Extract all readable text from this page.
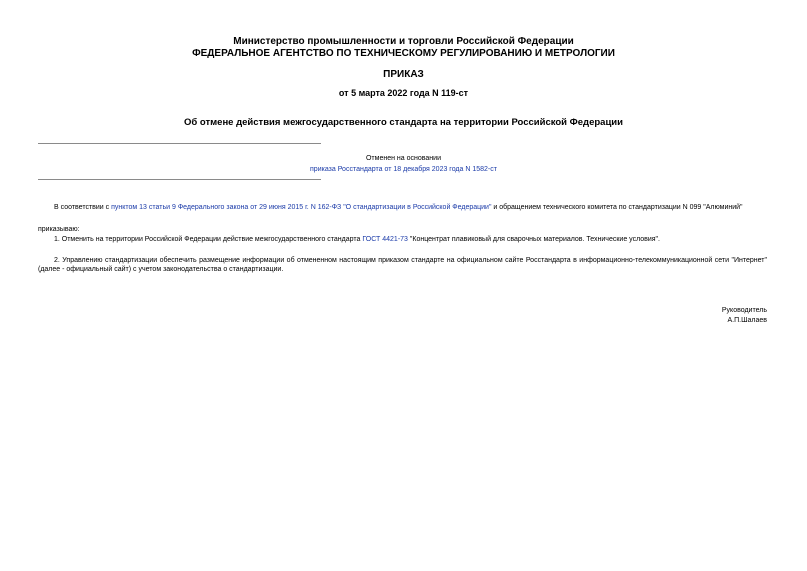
Министерство промышленности и торговли Российской Федерации
ФЕДЕРАЛЬНОЕ АГЕНТСТВО ПО ТЕХНИЧЕСКОМУ РЕГУЛИРОВАНИЮ И МЕТРОЛОГИИ
ПРИКАЗ
от 5 марта 2022 года N 119-ст
Об отмене действия межгосударственного стандарта на территории Российской Федерации
Отменен на основании
приказа Росстандарта от 18 декабря 2023 года N 1582-ст
В соответствии с пунктом 13 статьи 9 Федерального закона от 29 июня 2015 г. N 162-ФЗ "О стандартизации в Российской Федерации" и обращением технического комитета по стандартизации N 099 "Алюминий"
приказываю:
1. Отменить на территории Российской Федерации действие межгосударственного стандарта ГОСТ 4421-73 "Концентрат плавиковый для сварочных материалов. Технические условия".
2. Управлению стандартизации обеспечить размещение информации об отмененном настоящим приказом стандарте на официальном сайте Росстандарта в информационно-телекоммуникационной сети "Интернет" (далее - официальный сайт) с учетом законодательства о стандартизации.
Руководитель
А.П.Шалаев
